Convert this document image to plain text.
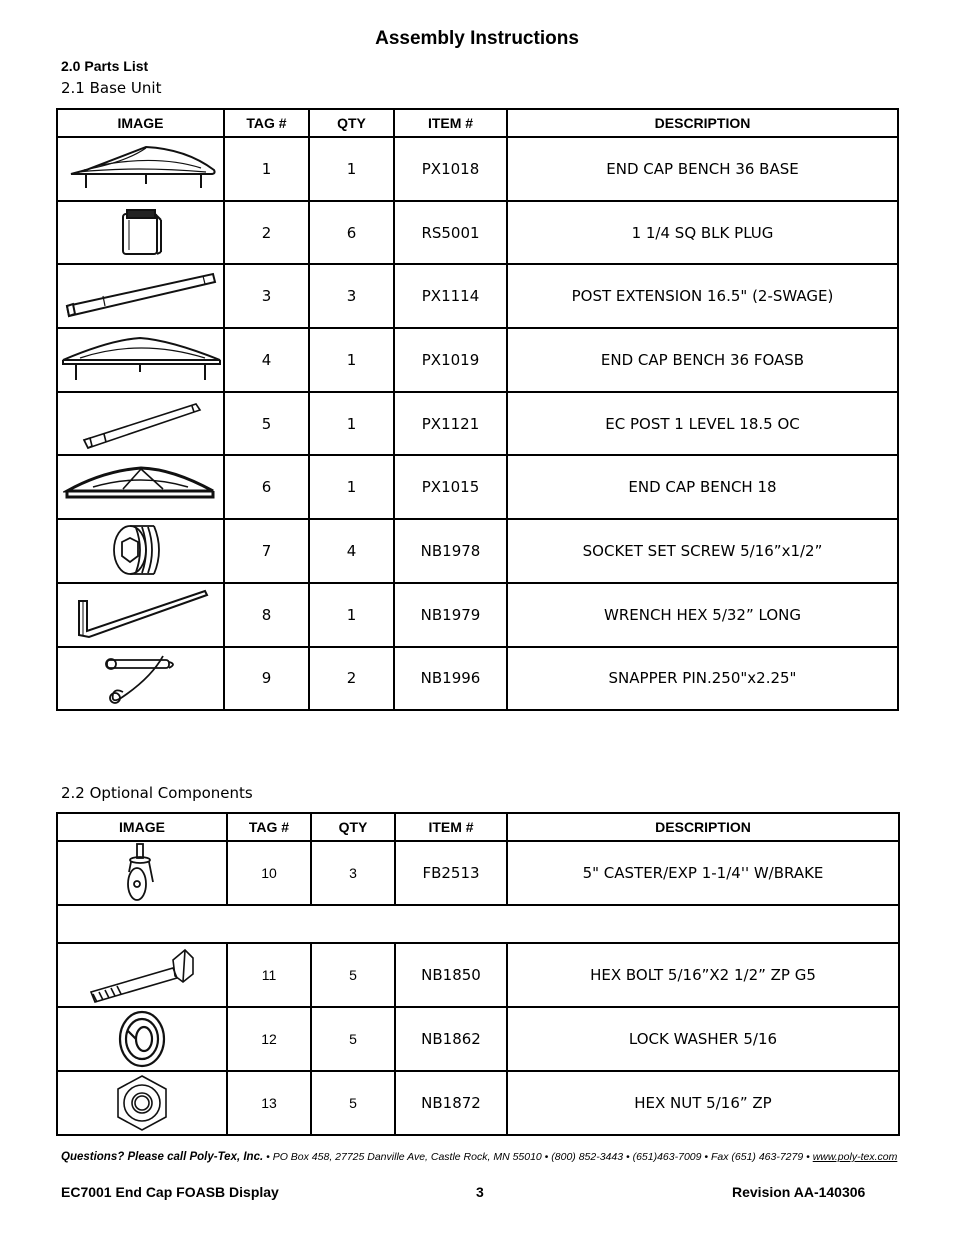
Assembly Instructions
2.0 Parts List
2.1 Base Unit
IMAGE	TAG #	QTY	ITEM #	DESCRIPTION

	1	1	PX1018	END CAP BENCH 36 BASE

	2	6	RS5001	1 1/4 SQ BLK PLUG

	3	3	PX1114	POST EXTENSION 16.5" (2-SWAGE)

	4	1	PX1019	END CAP BENCH 36 FOASB

	5	1	PX1121	EC POST 1 LEVEL 18.5 OC

	6	1	PX1015	END CAP BENCH 18

	7	4	NB1978	SOCKET SET SCREW 5/16”x1/2”

	8	1	NB1979	WRENCH HEX 5/32” LONG

	9	2	NB1996	SNAPPER PIN.250"x2.25"
2.2 Optional Components
IMAGE	TAG #	QTY	ITEM #	DESCRIPTION

	10	3	FB2513	5" CASTER/EXP 1-1/4'' W/BRAKE

	11	5	NB1850	HEX BOLT 5/16”X2 1/2” ZP G5

	12	5	NB1862	LOCK WASHER 5/16

	13	5	NB1872	HEX NUT 5/16” ZP
Questions? Please call Poly-Tex, Inc. • PO Box 458, 27725 Danville Ave, Castle Rock, MN 55010 • (800) 852-3443 • (651)463-7009 • Fax (651) 463-7279 • www.poly-tex.com
EC7001 End Cap FOASB Display	3	Revision AA-140306
